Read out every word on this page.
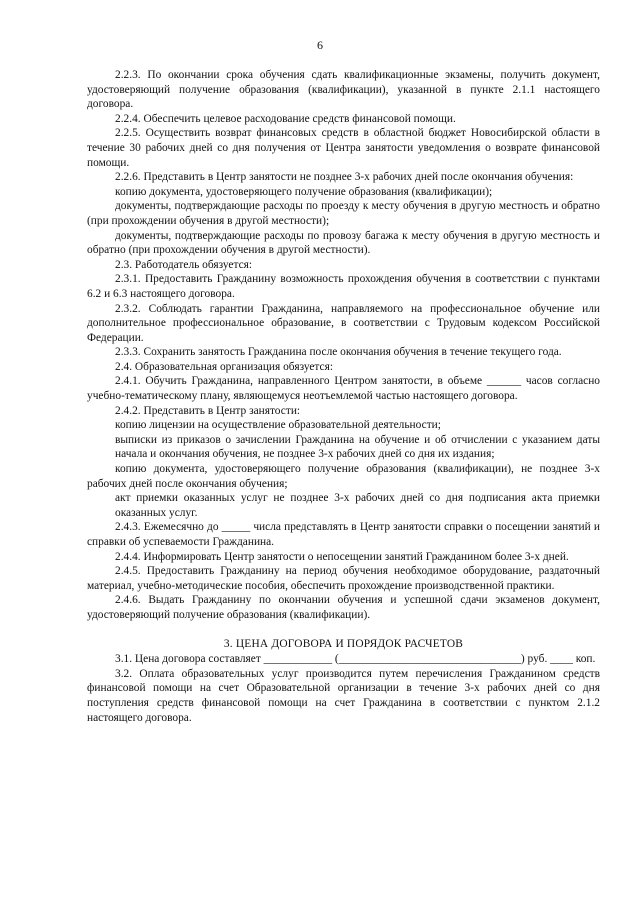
6

2.2.3. По окончании срока обучения сдать квалификационные экзамены, получить документ, удостоверяющий получение образования (квалификации), указанной в пункте 2.1.1 настоящего договора.

2.2.4. Обеспечить целевое расходование средств финансовой помощи.

2.2.5. Осуществить возврат финансовых средств в областной бюджет Новосибирской области в течение 30 рабочих дней со дня получения от Центра занятости уведомления о возврате финансовой помощи.

2.2.6. Представить в Центр занятости не позднее 3-х рабочих дней после окончания обучения:

копию документа, удостоверяющего получение образования (квалификации);

документы, подтверждающие расходы по проезду к месту обучения в другую местность и обратно (при прохождении обучения в другой местности);

документы, подтверждающие расходы по провозу багажа к месту обучения в другую местность и обратно (при прохождении обучения в другой местности).

2.3. Работодатель обязуется:

2.3.1. Предоставить Гражданину возможность прохождения обучения в соответствии с пунктами 6.2 и 6.3 настоящего договора.

2.3.2. Соблюдать гарантии Гражданина, направляемого на профессиональное обучение или дополнительное профессиональное образование, в соответствии с Трудовым кодексом Российской Федерации.

2.3.3. Сохранить занятость Гражданина после окончания обучения в течение текущего года.

2.4. Образовательная организация обязуется:

2.4.1. Обучить Гражданина, направленного Центром занятости, в объеме ______ часов согласно учебно-тематическому плану, являющемуся неотъемлемой частью настоящего договора.

2.4.2. Представить в Центр занятости:

копию лицензии на осуществление образовательной деятельности;

выписки из приказов о зачислении Гражданина на обучение и об отчислении с указанием даты начала и окончания обучения, не позднее 3-х рабочих дней со дня их издания;

копию документа, удостоверяющего получение образования (квалификации), не позднее 3-х рабочих дней после окончания обучения;

акт приемки оказанных услуг не позднее 3-х рабочих дней со дня подписания акта приемки оказанных услуг.

2.4.3. Ежемесячно до _____ числа представлять в Центр занятости справки о посещении занятий и справки об успеваемости Гражданина.

2.4.4. Информировать Центр занятости о непосещении занятий Гражданином более 3-х дней.

2.4.5. Предоставить Гражданину на период обучения необходимое оборудование, раздаточный материал, учебно-методические пособия, обеспечить прохождение производственной практики.

2.4.6. Выдать Гражданину по окончании обучения и успешной сдачи экзаменов документ, удостоверяющий получение образования (квалификации).

3. ЦЕНА ДОГОВОРА И ПОРЯДОК РАСЧЕТОВ

3.1. Цена договора составляет ____________ (________________________________) руб. ____ коп.

3.2. Оплата образовательных услуг производится путем перечисления Гражданином средств финансовой помощи на счет Образовательной организации в течение 3-х рабочих дней со дня поступления средств финансовой помощи на счет Гражданина в соответствии с пунктом 2.1.2 настоящего договора.
